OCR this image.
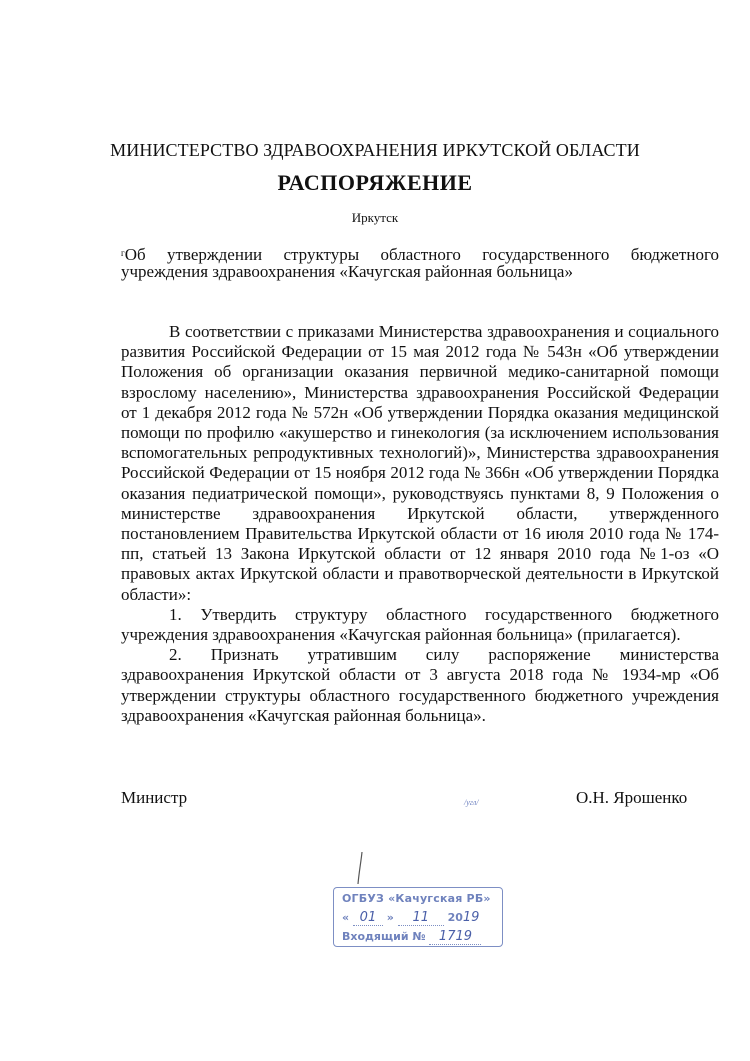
МИНИСТЕРСТВО ЗДРАВООХРАНЕНИЯ ИРКУТСКОЙ ОБЛАСТИ
РАСПОРЯЖЕНИЕ
Иркутск
$^г$Об утверждении структуры областного государственного бюджетного учреждения здравоохранения «Качугская районная больница»

В соответствии с приказами Министерства здравоохранения и социального развития Российской Федерации от 15 мая 2012 года № 543н «Об утверждении Положения об организации оказания первичной медико-санитарной помощи взрослому населению», Министерства здравоохранения Российской Федерации от 1 декабря 2012 года № 572н «Об утверждении Порядка оказания медицинской помощи по профилю «акушерство и гинекология (за исключением использования вспомогательных репродуктивных технологий)», Министерства здравоохранения Российской Федерации от 15 ноября 2012 года № 366н «Об утверждении Порядка оказания педиатрической помощи», руководствуясь пунктами 8, 9 Положения о министерстве здравоохранения Иркутской области, утвержденного постановлением Правительства Иркутской области от 16 июля 2010 года № 174-пп, статьей 13 Закона Иркутской области от 12 января 2010 года №1-оз «О правовых актах Иркутской области и правотворческой деятельности в Иркутской области»:

1. Утвердить структуру областного государственного бюджетного учреждения здравоохранения «Качугская районная больница» (прилагается).

2. Признать утратившим силу распоряжение министерства здравоохранения Иркутской области от 3 августа 2018 года № 1934-мр «Об утверждении структуры областного государственного бюджетного учреждения здравоохранения «Качугская районная больница».

Министр	/угл/	О.Н. Ярошенко
ОГБУЗ «Качугская РБ»
« 01 » 11 2019
Входящий № 1719
